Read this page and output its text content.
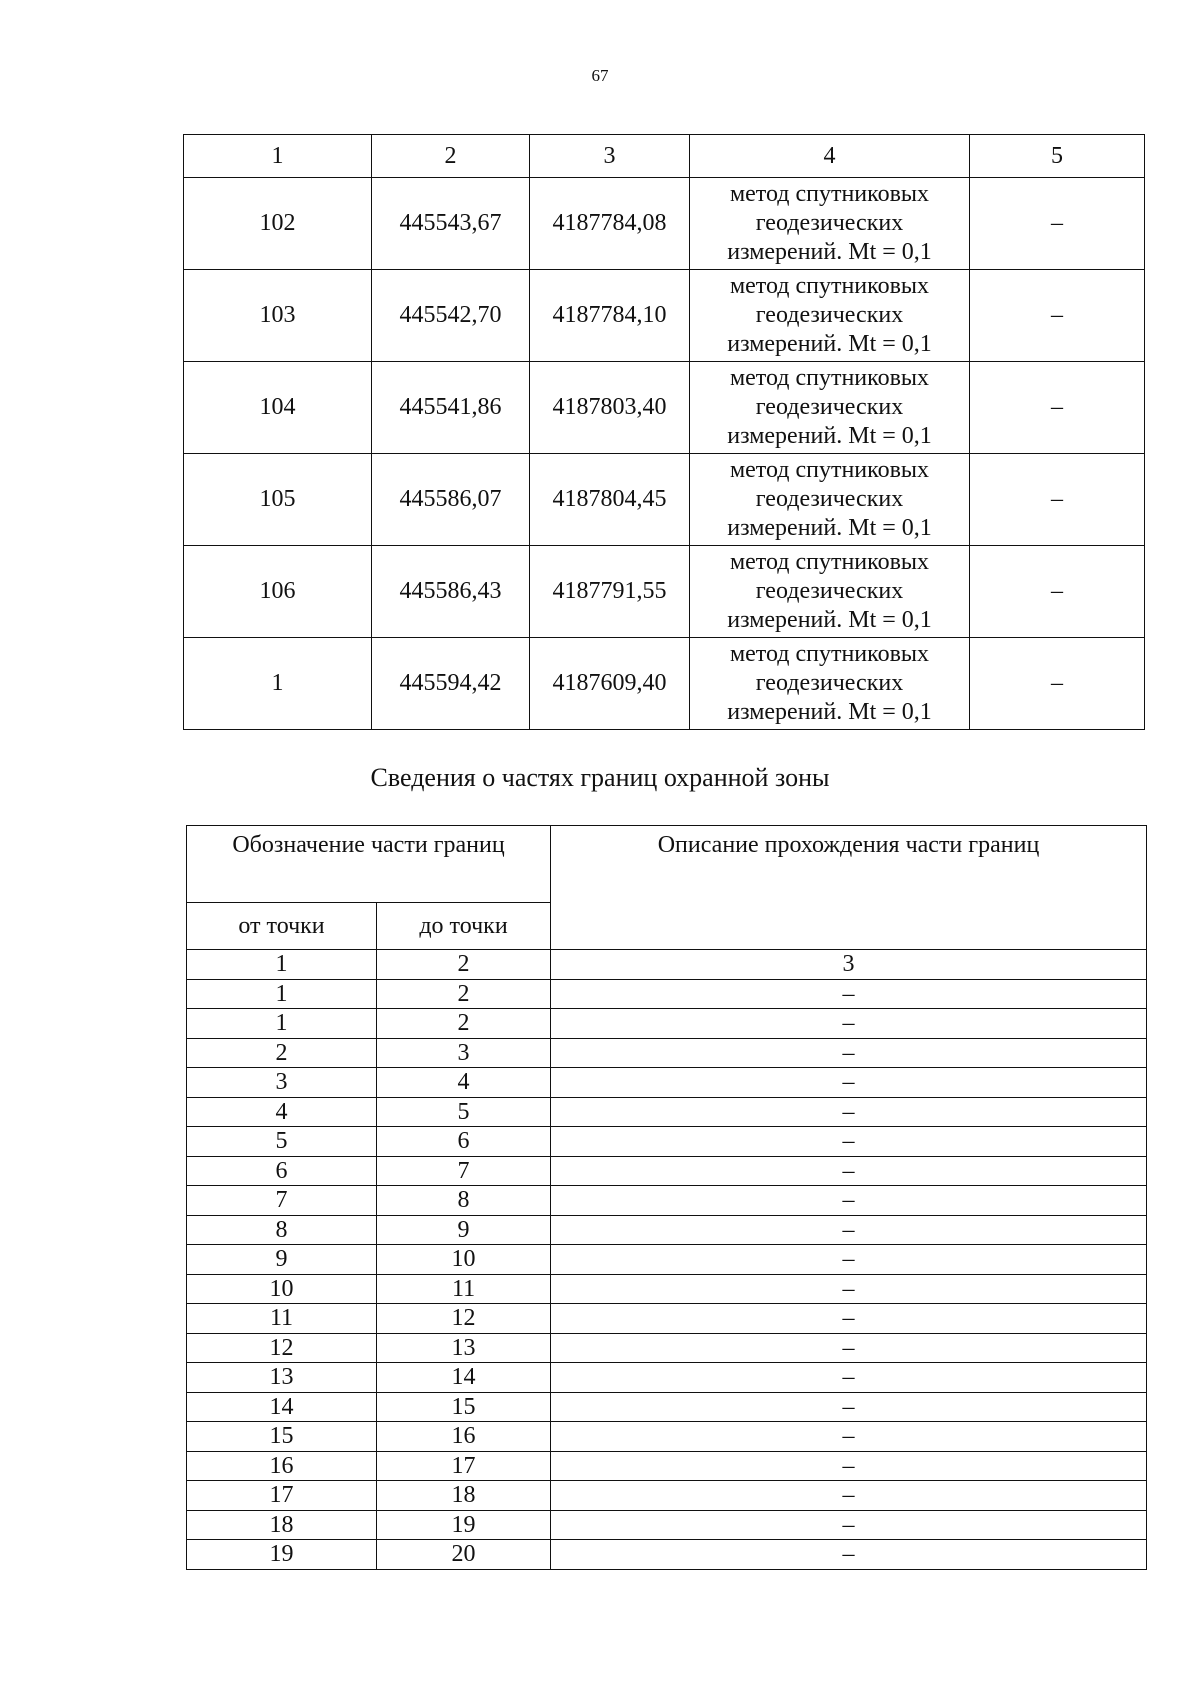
67
1	2	3	4	5
102	445543,67	4187784,08	метод спутниковых
геодезических
измерений. Mt = 0,1	–
103	445542,70	4187784,10	метод спутниковых
геодезических
измерений. Mt = 0,1	–
104	445541,86	4187803,40	метод спутниковых
геодезических
измерений. Mt = 0,1	–
105	445586,07	4187804,45	метод спутниковых
геодезических
измерений. Mt = 0,1	–
106	445586,43	4187791,55	метод спутниковых
геодезических
измерений. Mt = 0,1	–
1	445594,42	4187609,40	метод спутниковых
геодезических
измерений. Mt = 0,1	–
Сведения о частях границ охранной зоны
Обозначение части границ		Описание прохождения части границ
от точки	до точки	
1	2	3
1	2	–
1	2	–
2	3	–
3	4	–
4	5	–
5	6	–
6	7	–
7	8	–
8	9	–
9	10	–
10	11	–
11	12	–
12	13	–
13	14	–
14	15	–
15	16	–
16	17	–
17	18	–
18	19	–
19	20	–
